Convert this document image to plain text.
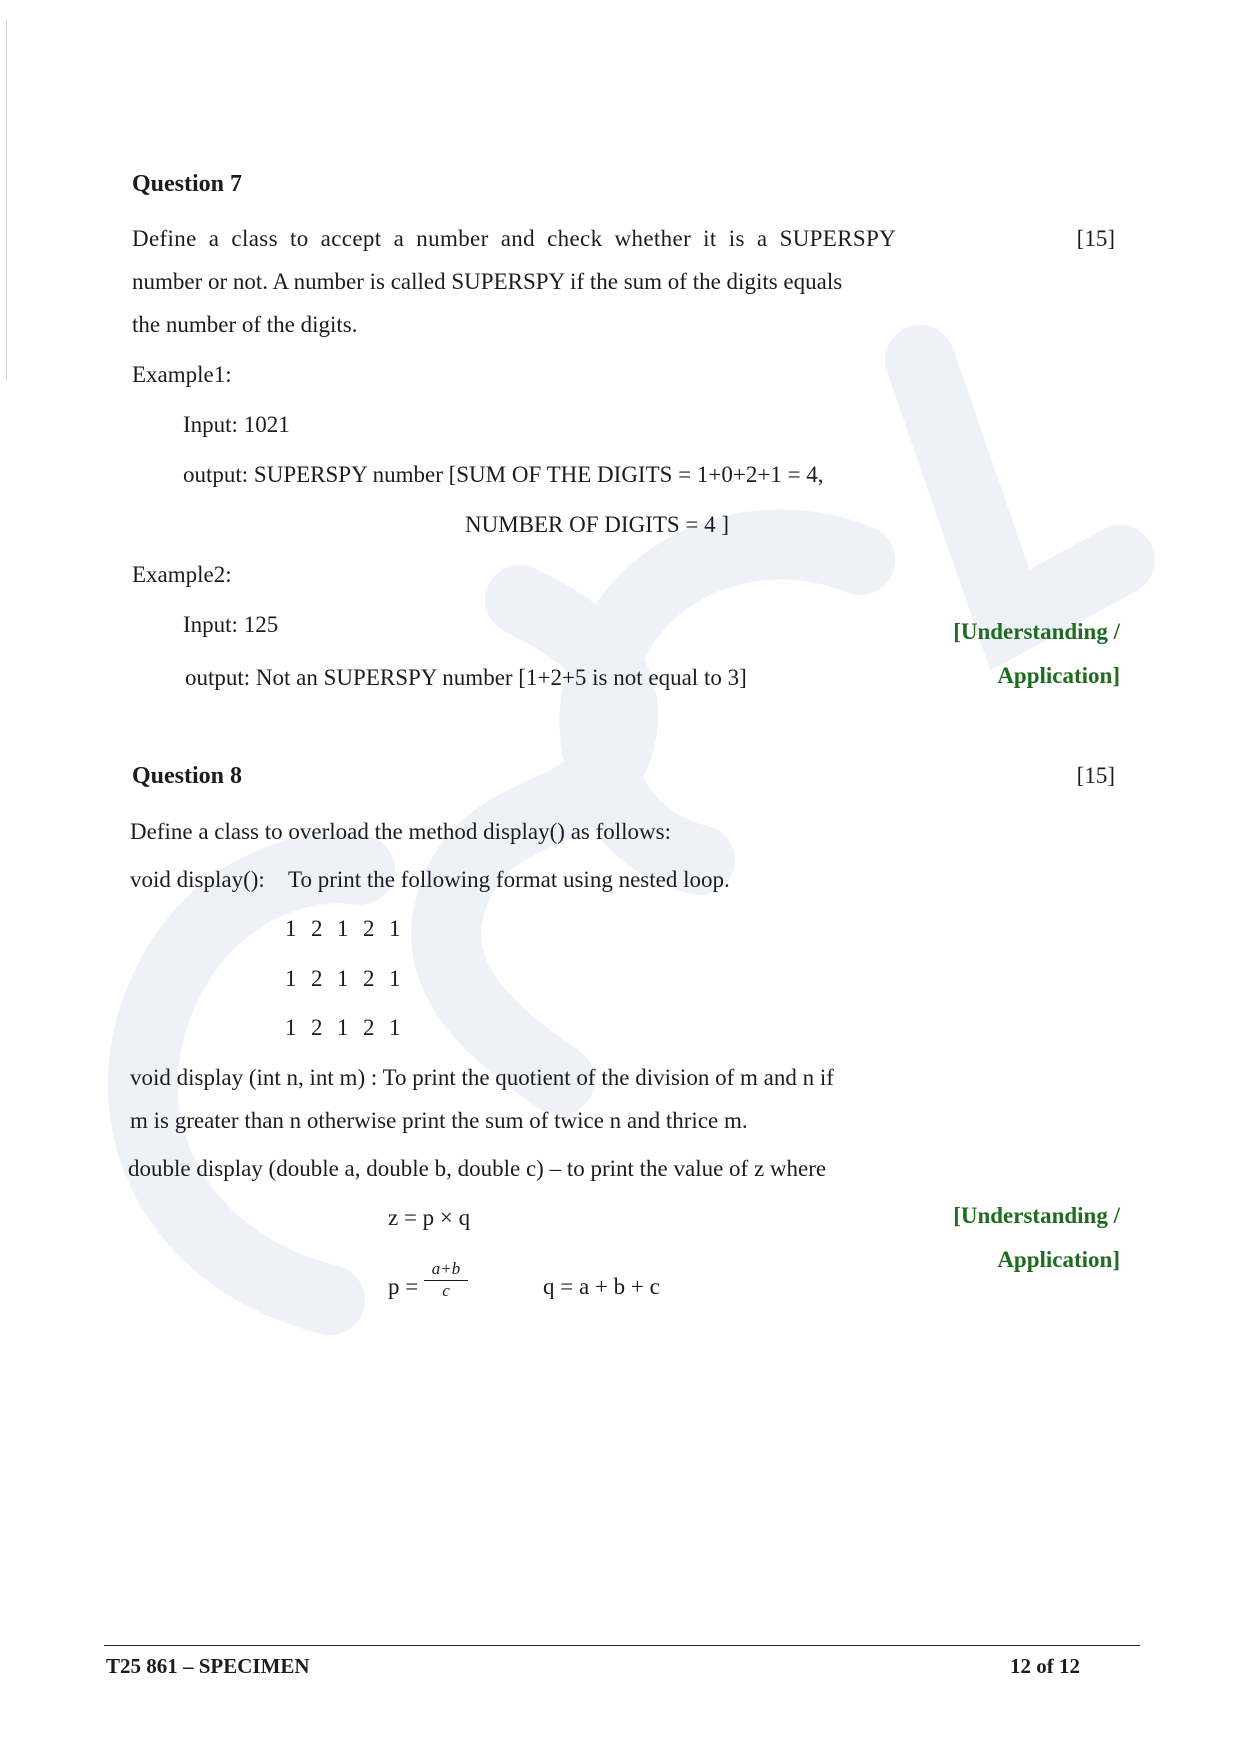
Question 7
[15]
Define a class to accept a number and check whether it is a SUPERSPY
number or not. A number is called SUPERSPY if the sum of the digits equals
the number of the digits.
Example1:
Input: 1021
output: SUPERSPY number [SUM OF THE DIGITS = 1+0+2+1 = 4,
NUMBER OF DIGITS = 4 ]
Example2:
Input: 125
output: Not an SUPERSPY number [1+2+5 is not equal to 3]
[Understanding /
Application]
Question 8	[15]
Define a class to overload the method display() as follows:
void display(): To print the following format using nested loop.
1 2 1 2 1
1 2 1 2 1
1 2 1 2 1
void display (int n, int m) : To print the quotient of the division of m and n if
m is greater than n otherwise print the sum of twice n and thrice m.
double display (double a, double b, double c) – to print the value of z where
z = p × q
p =
a+b
c	q = a + b + c
[Understanding /
Application]
T25 861 – SPECIMEN	12 of 12
